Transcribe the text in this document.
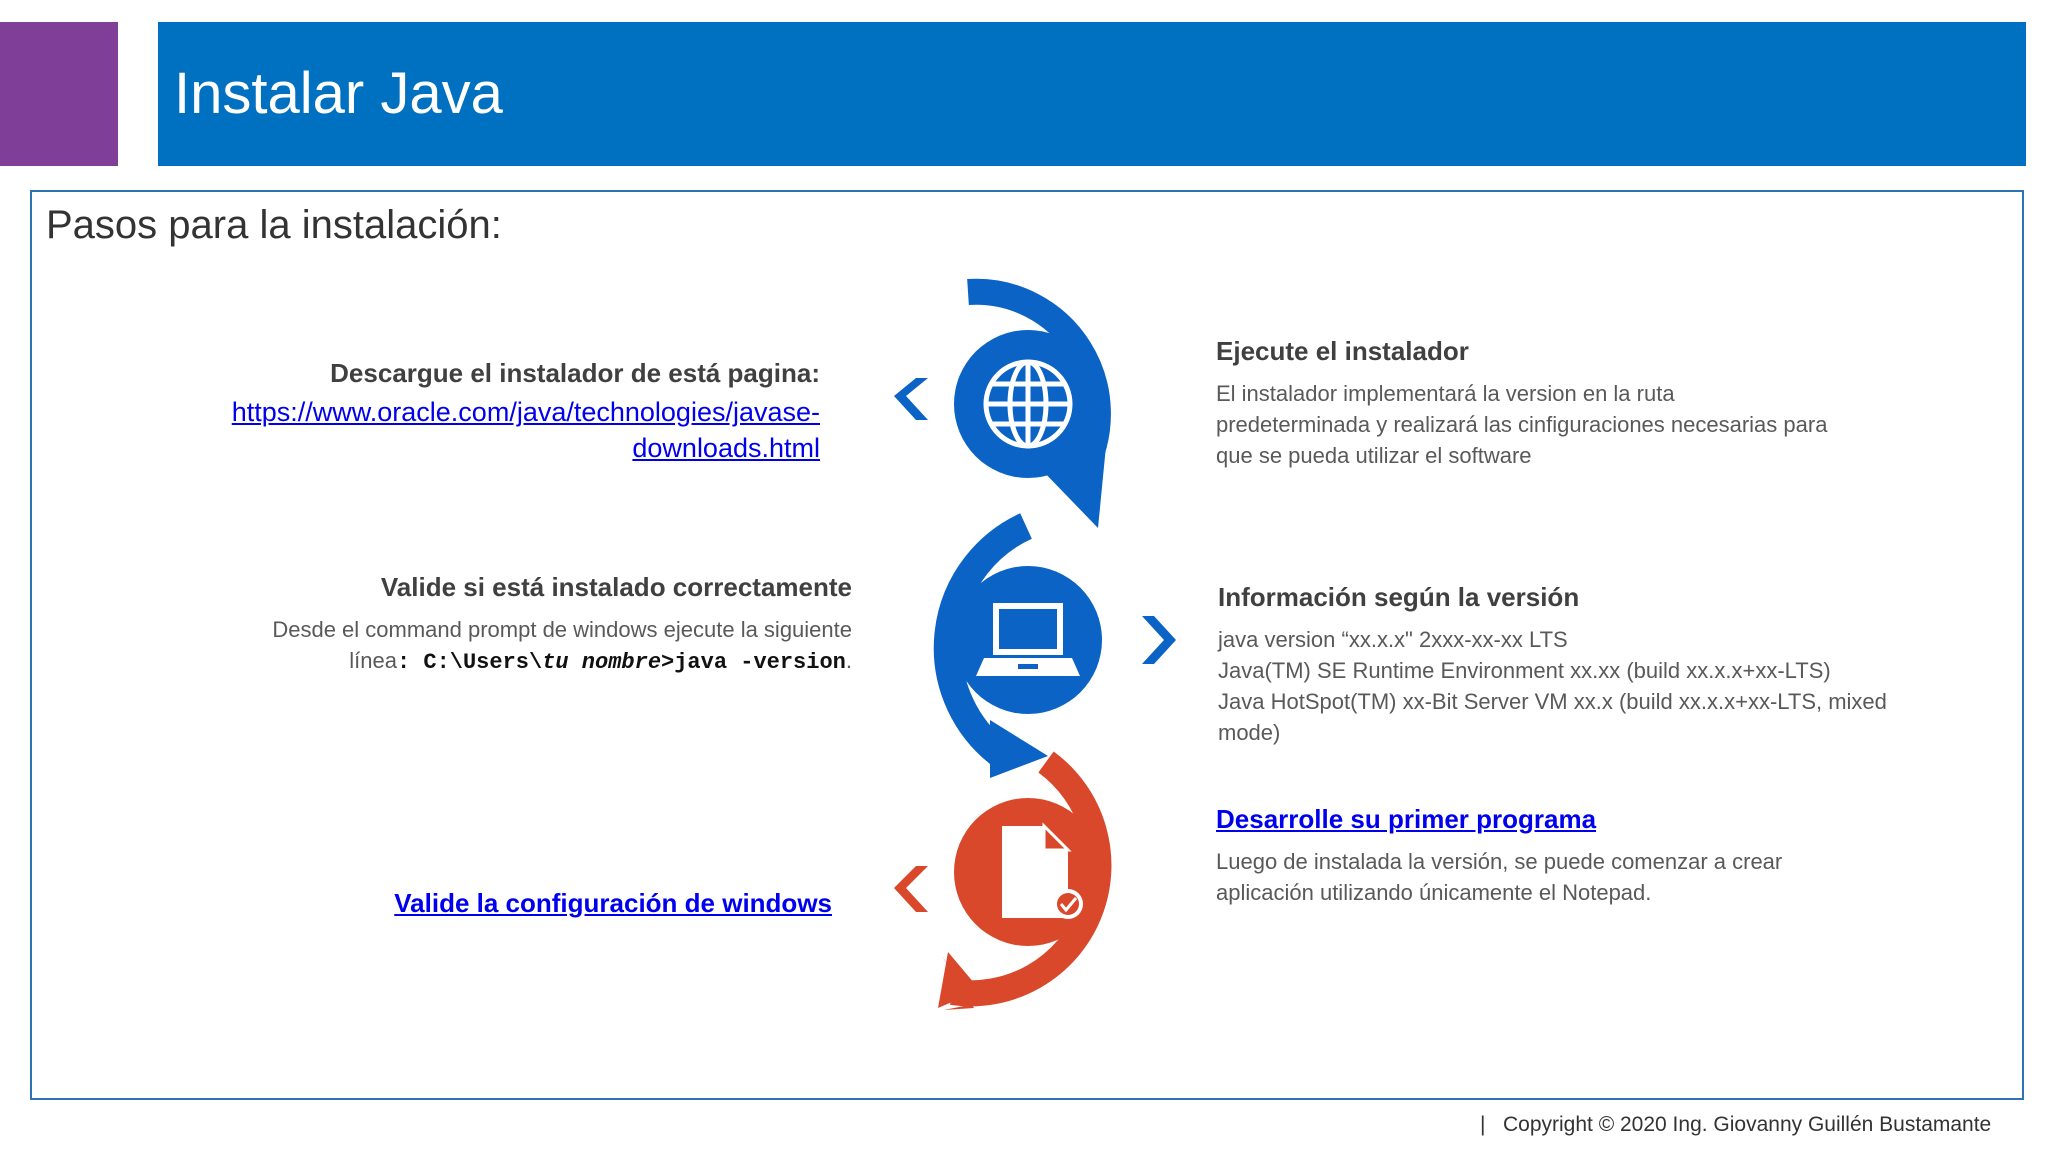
Instalar Java
Pasos para la instalación:
Descargue el instalador de está pagina:
https://www.oracle.com/java/technologies/javase-
downloads.html
Ejecute el instalador
El instalador implementará la version en la ruta
predeterminada y realizará las cinfiguraciones necesarias para
que se pueda utilizar el software
Valide si está instalado correctamente
Desde el command prompt de windows ejecute la siguiente
línea: C:\Users\tu nombre>java -version.
Información según la versión
java version “xx.x.x" 2xxx-xx-xx LTS
Java(TM) SE Runtime Environment xx.xx (build xx.x.x+xx-LTS)
Java HotSpot(TM) xx-Bit Server VM xx.x (build xx.x.x+xx-LTS, mixed
mode)
Valide la configuración de windows
Desarrolle su primer programa
Luego de instalada la versión, se puede comenzar a crear
aplicación utilizando únicamente el Notepad.
| Copyright © 2020 Ing. Giovanny Guillén Bustamante
